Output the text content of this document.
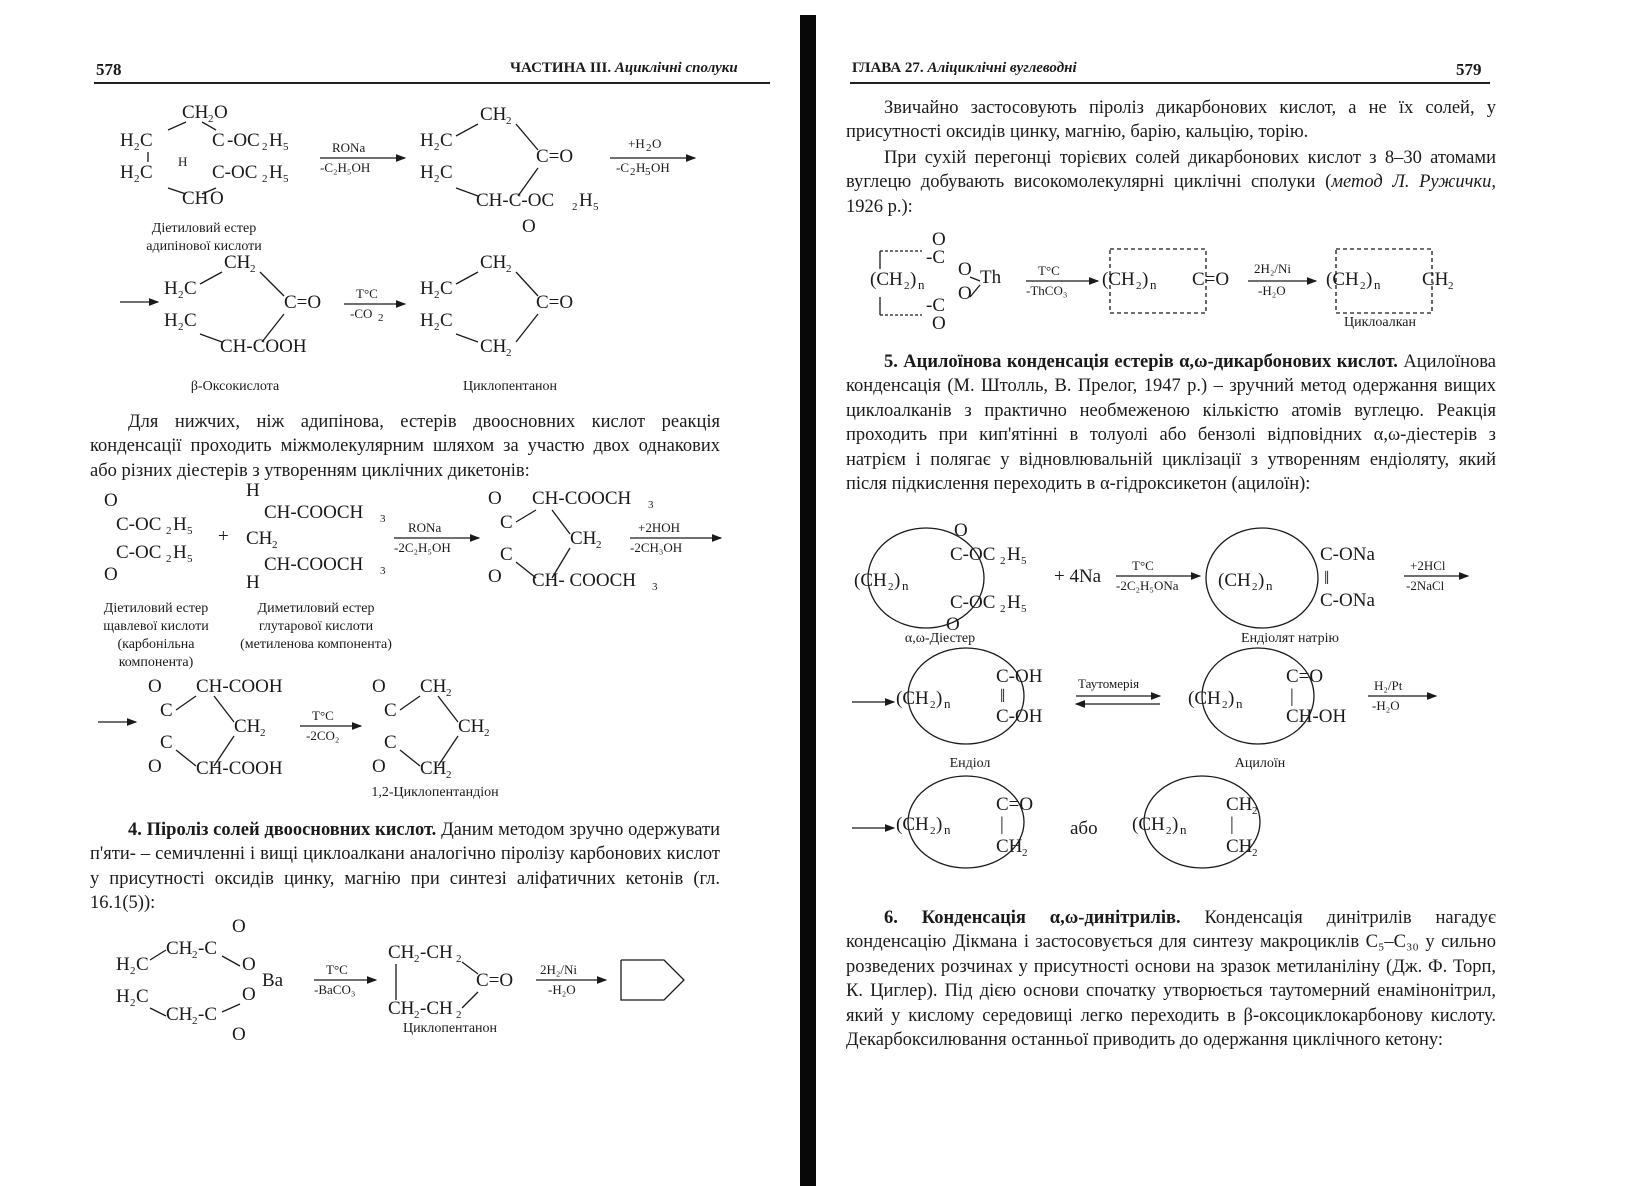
578	ЧАСТИНА III. Ациклічні сполуки
CH 2 O
H 2 C	C -OC 2 H 5
H 2 C	C-OC 2 H 5
CH O
H
RONa
-C₂H₅OH
CH 2
H 2 C
C=O
H 2 C
CH-C-OC 2 H 5
O
+H 2 O
-C 2 H 5 OH
CH 2
H 2 C
C=O
H 2 C
CH-COOH
T°C
-CO 2
CH 2
H 2 C
C=O
H 2 C
CH 2
Діетиловий естер адипінової кислоти
β-Оксокислота	Циклопентанон

Для нижчих, ніж адипінова, естерів двоосновних кислот реакція конденсації проходить міжмолекулярним шляхом за участю двох однакових або різних діестерів з утворенням циклічних дикетонів:

O
C-OC 2 H 5
C-OC 2 H 5
O
+
H
CH-COOCH 3
CH 2
CH-COOCH 3
H
RONa
-2C₂H₅OH
O CH-COOCH 3
C
CH 2
C
O CH- COOCH 3
+2HOH
-2CH₃OH
O CH-COOH
C
CH 2
C
O CH-COOH
T°C
-2CO₂
O CH 2
C
CH 2
C
O CH 2
Діетиловий естер щавлевої кислоти (карбонільна компонента)
Диметиловий естер глутарової кислоти (метиленова компонента)
1,2-Циклопентандіон

4. Піроліз солей двоосновних кислот. Даним методом зручно одержувати п'яти- – семичленні і вищі циклоалкани аналогічно піролізу карбонових кислот у присутності оксидів цинку, магнію при синтезі аліфатичних кетонів (гл. 16.1(5)):

O
CH 2 -C
H 2 C	O
Ba
O
H 2 C
CH 2 -C
O
T°C
-BaCO₃
CH 2 -CH 2
C=O
CH 2 -CH 2
2H₂/Ni
-H₂O
Циклопентанон
ГЛАВА 27. Аліциклічні вуглеводні	579

Звичайно застосовують піроліз дикарбонових кислот, а не їх солей, у присутності оксидів цинку, магнію, барію, кальцію, торію.

При сухій перегонці торієвих солей дикарбонових кислот з 8–30 атомами вуглецю добувають високомолекулярні циклічні сполуки (метод Л. Ружички, 1926 р.):

O
-C
O
(CH 2 ) n	Th
O
-C
O
T°C
-ThCO₃
(CH 2 ) n C=O
2H₂/Ni
-H₂O
(CH 2 ) n CH 2
Циклоалкан

5. Ацилоїнова конденсація естерів α,ω-дикарбонових кислот. Ацилоїнова конденсація (М. Штолль, В. Прелог, 1947 р.) – зручний метод одержання вищих циклоалканів з практично необмеженою кількістю атомів вуглецю. Реакція проходить при кип'ятінні в толуолі або бензолі відповідних α,ω-діестерів з натрієм і полягає у відновлювальній циклізації з утворенням ендіоляту, який після підкислення переходить в α-гідроксикетон (ацилоїн):

(CH 2 ) n
O
C-OC 2 H 5
C-OC 2 H 5
O
+ 4Na
T°C
-2C₂H₅ONa (CH 2 ) n
C-ONa
‖
C-ONa
+2HCl
-2NaCl
(CH 2 ) n
C-OH
‖
C-OH
Таутомерія
(CH 2 ) n
C=O
|
CH-OH
H₂/Pt
-H₂O
(CH 2 ) n
C=O
|
CH 2
або (CH 2 ) n
CH 2
|
CH 2
α,ω-Діестер	Ендіолят натрію
Ендіол	Ацилоїн

6. Конденсація α,ω-динітрилів. Конденсація динітрилів нагадує конденсацію Дікмана і застосовується для синтезу макроциклів C₅–C₃₀ у сильно розведених розчинах у присутності основи на зразок метиланіліну (Дж. Ф. Торп, К. Циглер). Під дією основи спочатку утворюється таутомерний енамінонітрил, який у кислому середовищі легко переходить в β-оксоциклокарбонову кислоту. Декарбоксилювання останньої приводить до одержання циклічного кетону:
